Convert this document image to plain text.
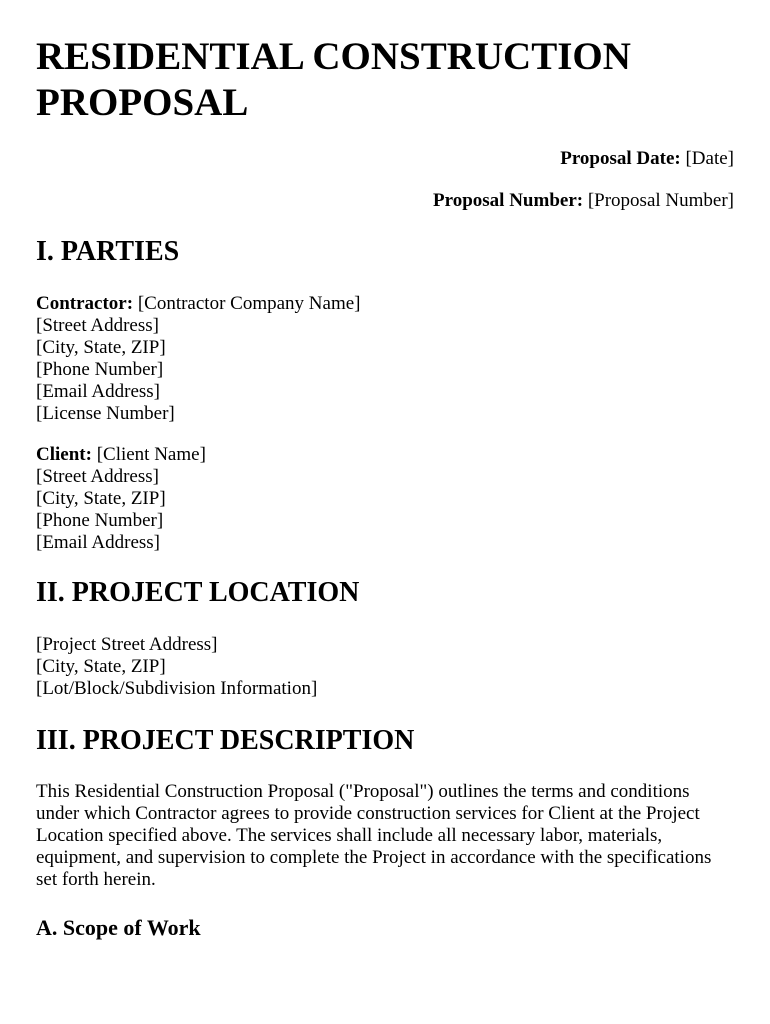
RESIDENTIAL CONSTRUCTION
PROPOSAL
Proposal Date: [Date]
Proposal Number: [Proposal Number]
I. PARTIES
Contractor: [Contractor Company Name]
[Street Address]
[City, State, ZIP]
[Phone Number]
[Email Address]
[License Number]
Client: [Client Name]
[Street Address]
[City, State, ZIP]
[Phone Number]
[Email Address]
II. PROJECT LOCATION
[Project Street Address]
[City, State, ZIP]
[Lot/Block/Subdivision Information]
III. PROJECT DESCRIPTION

This Residential Construction Proposal ("Proposal") outlines the terms and conditions under which Contractor agrees to provide construction services for Client at the Project Location specified above. The services shall include all necessary labor, materials, equipment, and supervision to complete the Project in accordance with the specifications set forth herein.

A. Scope of Work
